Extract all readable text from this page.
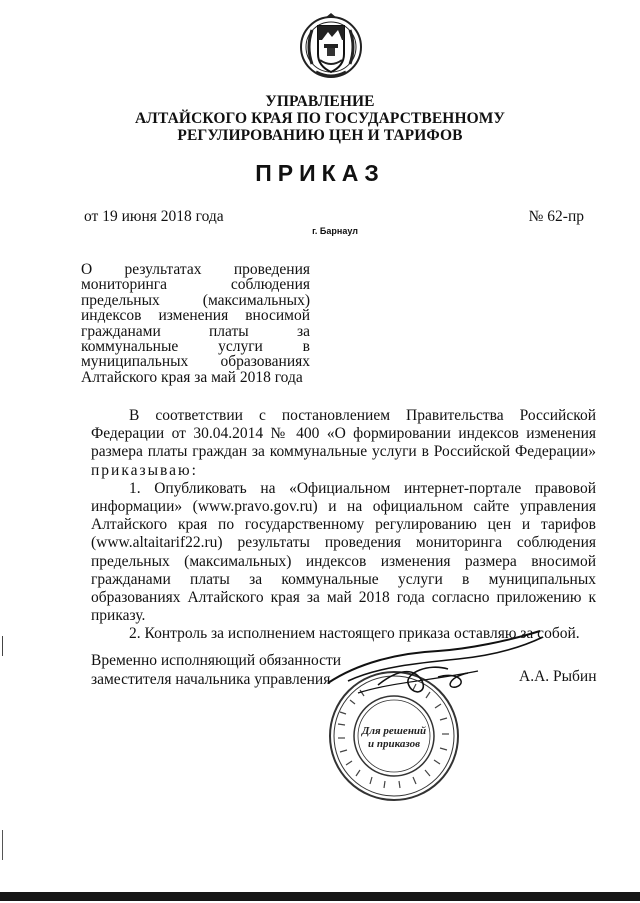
УПРАВЛЕНИЕ
АЛТАЙСКОГО КРАЯ ПО ГОСУДАРСТВЕННОМУ
РЕГУЛИРОВАНИЮ ЦЕН И ТАРИФОВ
ПРИКАЗ
от 19 июня 2018 года	№ 62-пр
г. Барнаул
О результатах проведения мониторинга соблюдения предельных (максимальных) индексов изменения вносимой гражданами платы за коммунальные услуги в муниципальных образованиях Алтайского края за май 2018 года

В соответствии с постановлением Правительства Российской Федерации от 30.04.2014 № 400 «О формировании индексов изменения размера платы граждан за коммунальные услуги в Российской Федерации» приказываю:

1. Опубликовать на «Официальном интернет-портале правовой информации» (www.pravo.gov.ru) и на официальном сайте управления Алтайского края по государственному регулированию цен и тарифов (www.altaitarif22.ru) результаты проведения мониторинга соблюдения предельных (максимальных) индексов изменения размера вносимой гражданами платы за коммунальные услуги в муниципальных образованиях Алтайского края за май 2018 года согласно приложению к приказу.

2. Контроль за исполнением настоящего приказа оставляю за собой.

Временно исполняющий обязанности
заместителя начальника управления	А.А. Рыбин
Для решений
и приказов
